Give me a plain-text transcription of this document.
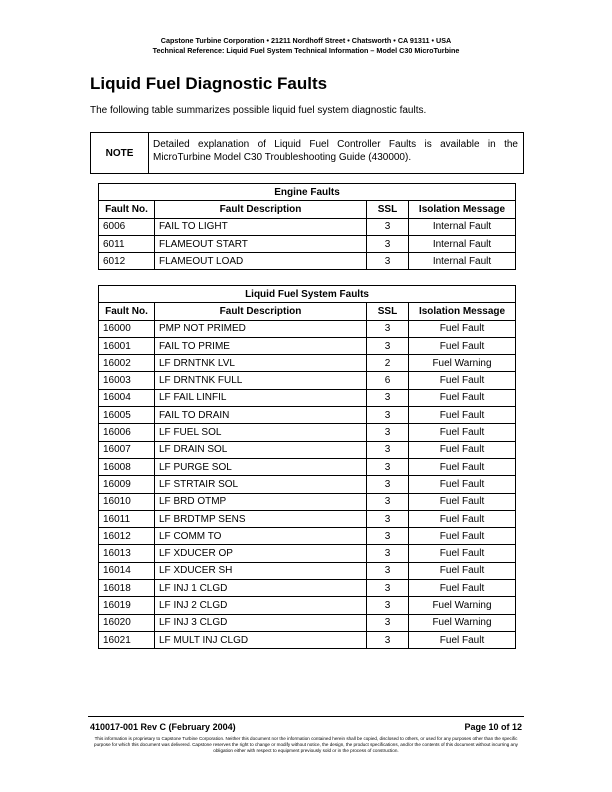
Capstone Turbine Corporation • 21211 Nordhoff Street • Chatsworth • CA 91311 • USA
Technical Reference: Liquid Fuel System Technical Information – Model C30 MicroTurbine
Liquid Fuel Diagnostic Faults
The following table summarizes possible liquid fuel system diagnostic faults.
NOTE
Detailed explanation of Liquid Fuel Controller Faults is available in the MicroTurbine Model C30 Troubleshooting Guide (430000).
Engine Faults			
Fault No.	Fault Description	SSL	Isolation Message
6006	FAIL TO LIGHT	3	Internal Fault
6011	FLAMEOUT START	3	Internal Fault
6012	FLAMEOUT LOAD	3	Internal Fault
Liquid Fuel System Faults			
Fault No.	Fault Description	SSL	Isolation Message
16000	PMP NOT PRIMED	3	Fuel Fault
16001	FAIL TO PRIME	3	Fuel Fault
16002	LF DRNTNK LVL	2	Fuel Warning
16003	LF DRNTNK FULL	6	Fuel Fault
16004	LF FAIL LINFIL	3	Fuel Fault
16005	FAIL TO DRAIN	3	Fuel Fault
16006	LF FUEL SOL	3	Fuel Fault
16007	LF DRAIN SOL	3	Fuel Fault
16008	LF PURGE SOL	3	Fuel Fault
16009	LF STRTAIR SOL	3	Fuel Fault
16010	LF BRD OTMP	3	Fuel Fault
16011	LF BRDTMP SENS	3	Fuel Fault
16012	LF COMM TO	3	Fuel Fault
16013	LF XDUCER OP	3	Fuel Fault
16014	LF XDUCER SH	3	Fuel Fault
16018	LF INJ 1 CLGD	3	Fuel Fault
16019	LF INJ 2 CLGD	3	Fuel Warning
16020	LF INJ 3 CLGD	3	Fuel Warning
16021	LF MULT INJ CLGD	3	Fuel Fault
410017-001 Rev C (February 2004)	Page 10 of 12
This information is proprietary to Capstone Turbine Corporation. Neither this document nor the information contained herein shall be copied, disclosed to others, or used for any purposes other than the specific purpose for which this document was delivered. Capstone reserves the right to change or modify without notice, the design, the product specifications, and/or the contents of this document without incurring any obligation either with respect to equipment previously sold or in the process of construction.
